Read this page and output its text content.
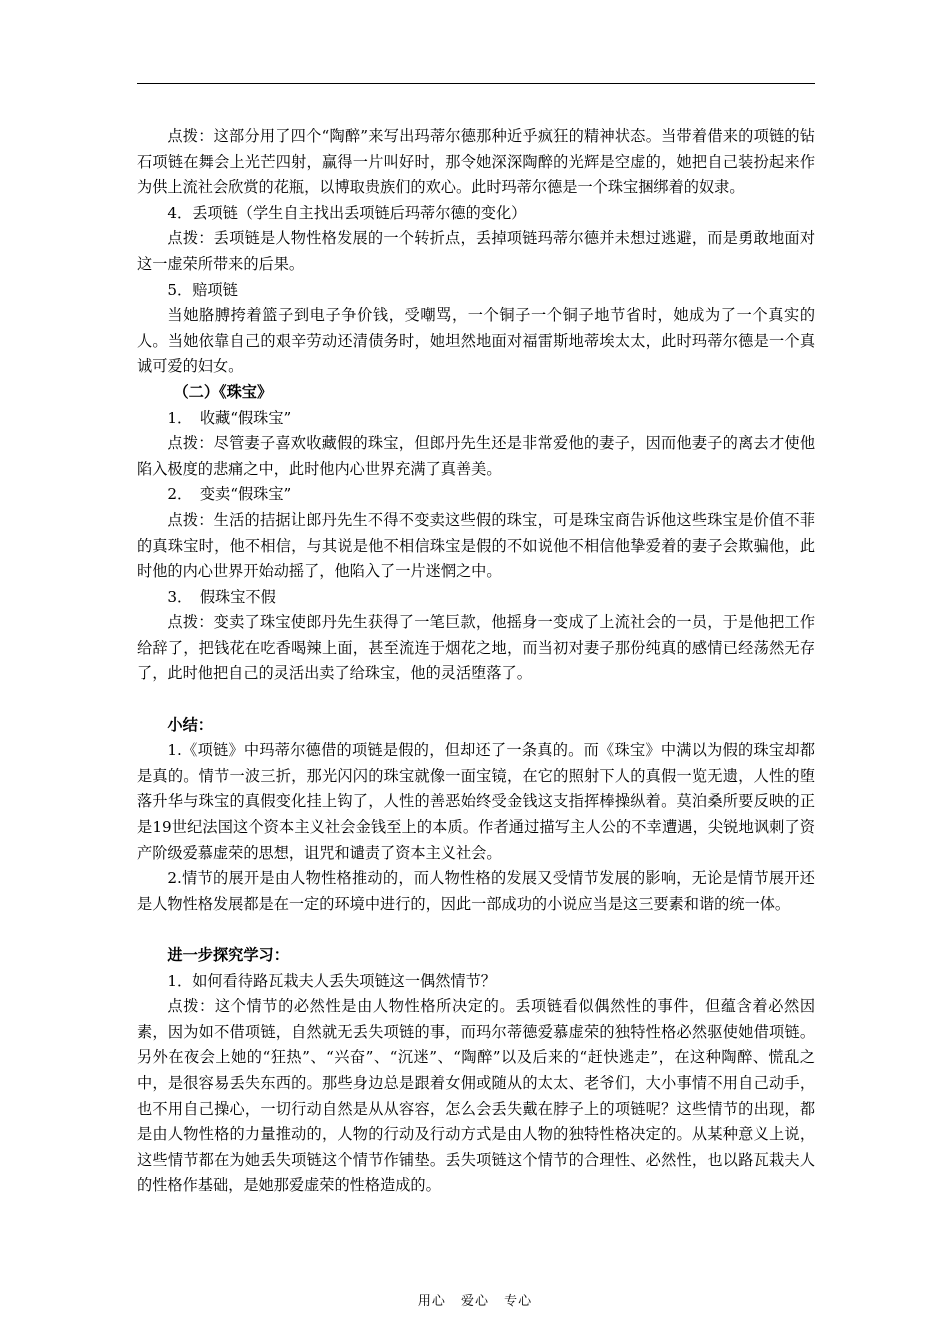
点拨：这部分用了四个“陶醉”来写出玛蒂尔德那种近乎疯狂的精神状态。当带着借来的项链的钻石项链在舞会上光芒四射，赢得一片叫好时，那令她深深陶醉的光辉是空虚的，她把自己装扮起来作为供上流社会欣赏的花瓶，以博取贵族们的欢心。此时玛蒂尔德是一个珠宝捆绑着的奴隶。

4．丢项链（学生自主找出丢项链后玛蒂尔德的变化）

点拨：丢项链是人物性格发展的一个转折点，丢掉项链玛蒂尔德并未想过逃避，而是勇敢地面对这一虚荣所带来的后果。

5．赔项链

当她胳膊挎着篮子到电子争价钱，受嘲骂，一个铜子一个铜子地节省时，她成为了一个真实的人。当她依靠自己的艰辛劳动还清债务时，她坦然地面对福雷斯地蒂埃太太，此时玛蒂尔德是一个真诚可爱的妇女。

（二）《珠宝》

1．　收藏“假珠宝”

点拨：尽管妻子喜欢收藏假的珠宝，但郎丹先生还是非常爱他的妻子，因而他妻子的离去才使他陷入极度的悲痛之中，此时他内心世界充满了真善美。

2．　变卖“假珠宝”

点拨：生活的拮据让郎丹先生不得不变卖这些假的珠宝，可是珠宝商告诉他这些珠宝是价值不菲的真珠宝时，他不相信，与其说是他不相信珠宝是假的不如说他不相信他挚爱着的妻子会欺骗他，此时他的内心世界开始动摇了，他陷入了一片迷惘之中。

3．　假珠宝不假

点拨：变卖了珠宝使郎丹先生获得了一笔巨款，他摇身一变成了上流社会的一员，于是他把工作给辞了，把钱花在吃香喝辣上面，甚至流连于烟花之地，而当初对妻子那份纯真的感情已经荡然无存了，此时他把自己的灵活出卖了给珠宝，他的灵活堕落了。

小结：

1.《项链》中玛蒂尔德借的项链是假的，但却还了一条真的。而《珠宝》中满以为假的珠宝却都是真的。情节一波三折，那光闪闪的珠宝就像一面宝镜，在它的照射下人的真假一览无遗，人性的堕落升华与珠宝的真假变化挂上钩了，人性的善恶始终受金钱这支指挥棒操纵着。莫泊桑所要反映的正是19世纪法国这个资本主义社会金钱至上的本质。作者通过描写主人公的不幸遭遇，尖锐地讽刺了资产阶级爱慕虚荣的思想，诅咒和谴责了资本主义社会。

2.情节的展开是由人物性格推动的，而人物性格的发展又受情节发展的影响，无论是情节展开还是人物性格发展都是在一定的环境中进行的，因此一部成功的小说应当是这三要素和谐的统一体。

进一步探究学习：

1．如何看待路瓦栽夫人丢失项链这一偶然情节？

点拨：这个情节的必然性是由人物性格所决定的。丢项链看似偶然性的事件，但蕴含着必然因素，因为如不借项链，自然就无丢失项链的事，而玛尔蒂德爱慕虚荣的独特性格必然驱使她借项链。另外在夜会上她的“狂热”、“兴奋”、“沉迷”、“陶醉”以及后来的“赶快逃走”，在这种陶醉、慌乱之中，是很容易丢失东西的。那些身边总是跟着女佣或随从的太太、老爷们，大小事情不用自己动手，也不用自己操心，一切行动自然是从从容容，怎么会丢失戴在脖子上的项链呢？这些情节的出现，都是由人物性格的力量推动的，人物的行动及行动方式是由人物的独特性格决定的。从某种意义上说，这些情节都在为她丢失项链这个情节作铺垫。丢失项链这个情节的合理性、必然性，也以路瓦栽夫人的性格作基础，是她那爱虚荣的性格造成的。

用心 爱心 专心
